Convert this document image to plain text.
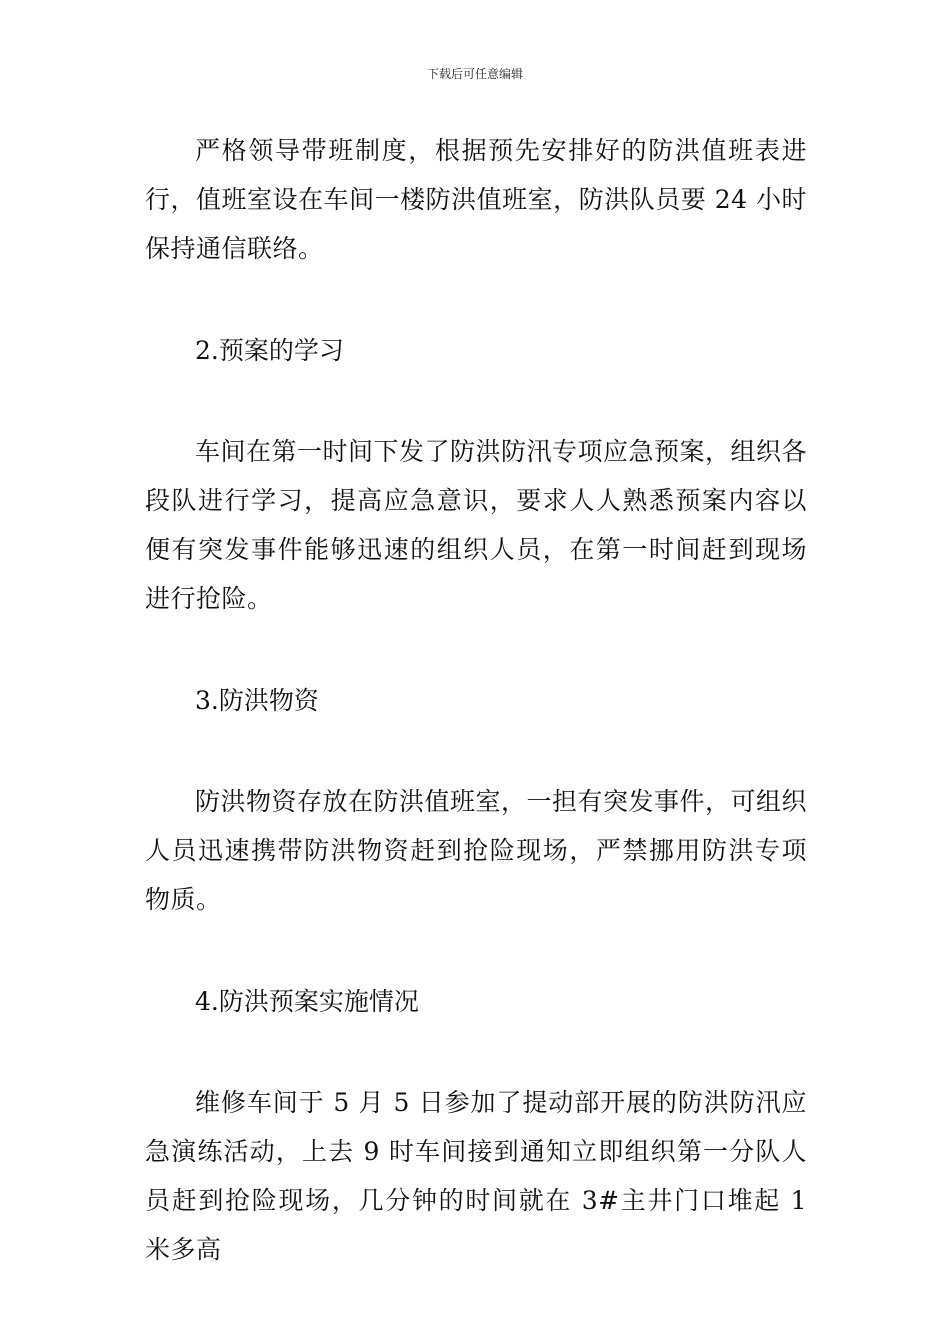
下载后可任意编辑

严格领导带班制度，根据预先安排好的防洪值班表进行，值班室设在车间一楼防洪值班室，防洪队员要 24 小时保持通信联络。

2.预案的学习

车间在第一时间下发了防洪防汛专项应急预案，组织各段队进行学习，提高应急意识，要求人人熟悉预案内容以便有突发事件能够迅速的组织人员，在第一时间赶到现场进行抢险。

3.防洪物资

防洪物资存放在防洪值班室，一担有突发事件，可组织人员迅速携带防洪物资赶到抢险现场，严禁挪用防洪专项物质。

4.防洪预案实施情况

维修车间于 5 月 5 日参加了提动部开展的防洪防汛应急演练活动，上去 9 时车间接到通知立即组织第一分队人员赶到抢险现场，几分钟的时间就在 3#主井门口堆起 1 米多高
